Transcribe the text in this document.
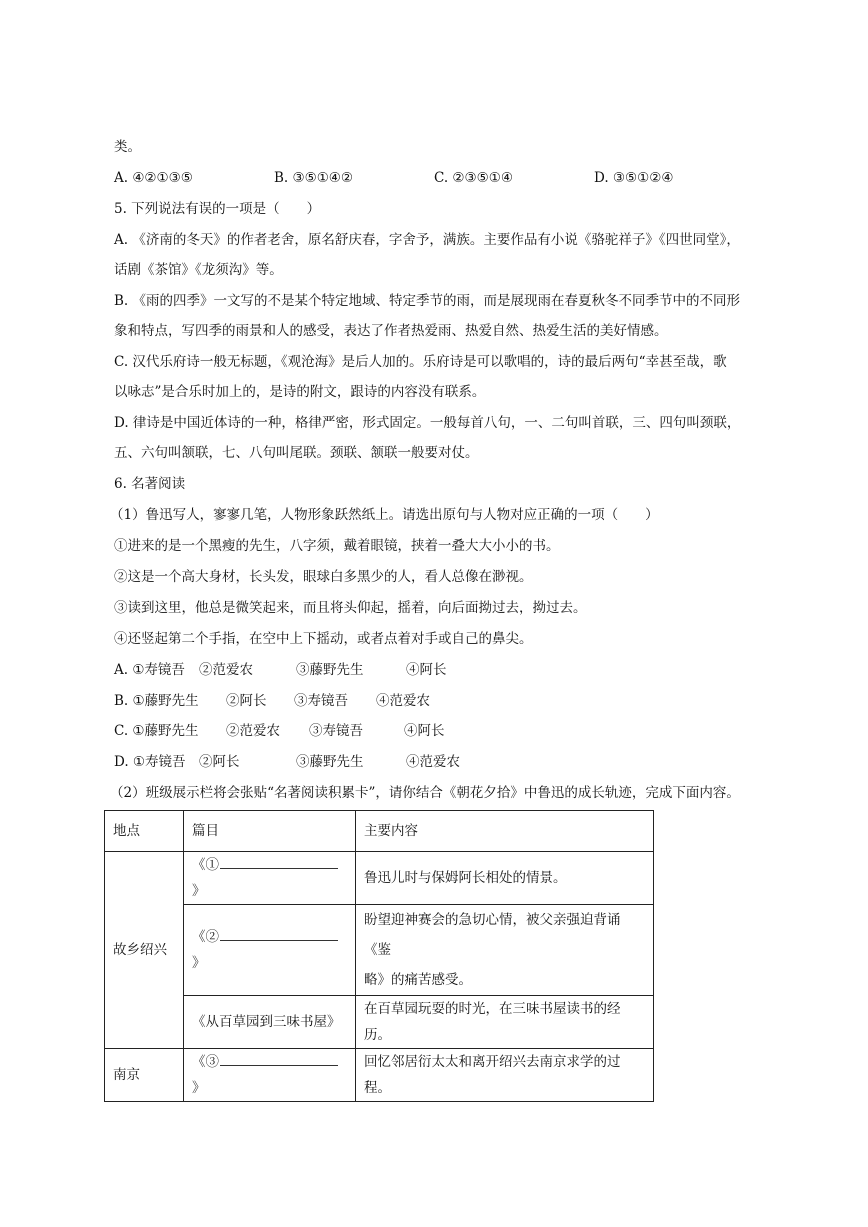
类。
A. ④②①③⑤	B. ③⑤①④②	C. ②③⑤①④	D. ③⑤①②④
5. 下列说法有误的一项是（　　）
A. 《济南的冬天》的作者老舍，原名舒庆春，字舍予，满族。主要作品有小说《骆驼祥子》《四世同堂》，
话剧《茶馆》《龙须沟》等。
B. 《雨的四季》一文写的不是某个特定地域、特定季节的雨，而是展现雨在春夏秋冬不同季节中的不同形
象和特点，写四季的雨景和人的感受，表达了作者热爱雨、热爱自然、热爱生活的美好情感。
C. 汉代乐府诗一般无标题，《观沧海》是后人加的。乐府诗是可以歌唱的，诗的最后两句“幸甚至哉，歌
以咏志”是合乐时加上的，是诗的附文，跟诗的内容没有联系。
D. 律诗是中国近体诗的一种，格律严密，形式固定。一般每首八句，一、二句叫首联，三、四句叫颈联，
五、六句叫颔联，七、八句叫尾联。颈联、颔联一般要对仗。
6. 名著阅读
（1）鲁迅写人，寥寥几笔，人物形象跃然纸上。请选出原句与人物对应正确的一项（　　）
①进来的是一个黑瘦的先生，八字须，戴着眼镜，挟着一叠大大小小的书。
②这是一个高大身材，长头发，眼球白多黑少的人，看人总像在渺视。
③读到这里，他总是微笑起来，而且将头仰起，摇着，向后面拗过去，拗过去。
④还竖起第二个手指，在空中上下摇动，或者点着对手或自己的鼻尖。
A. ①寿镜吾 ②范爱农	③藤野先生	④阿长
B. ①藤野先生 ②阿长 ③寿镜吾 ④范爱农
C. ①藤野先生 ②范爱农 ③寿镜吾	④阿长
D. ①寿镜吾 ②阿长	③藤野先生	④范爱农
（2）班级展示栏将会张贴“名著阅读积累卡”，请你结合《朝花夕拾》中鲁迅的成长轨迹，完成下面内容。
地点	篇目	主要内容
故乡绍兴	《①》	鲁迅儿时与保姆阿长相处的情景。
	《②》	盼望迎神赛会的急切心情，被父亲强迫背诵《鉴
略》的痛苦感受。

	《从百草园到三味书屋》	在百草园玩耍的时光，在三味书屋读书的经历。
南京	《③》	回忆邻居衍太太和离开绍兴去南京求学的过程。
